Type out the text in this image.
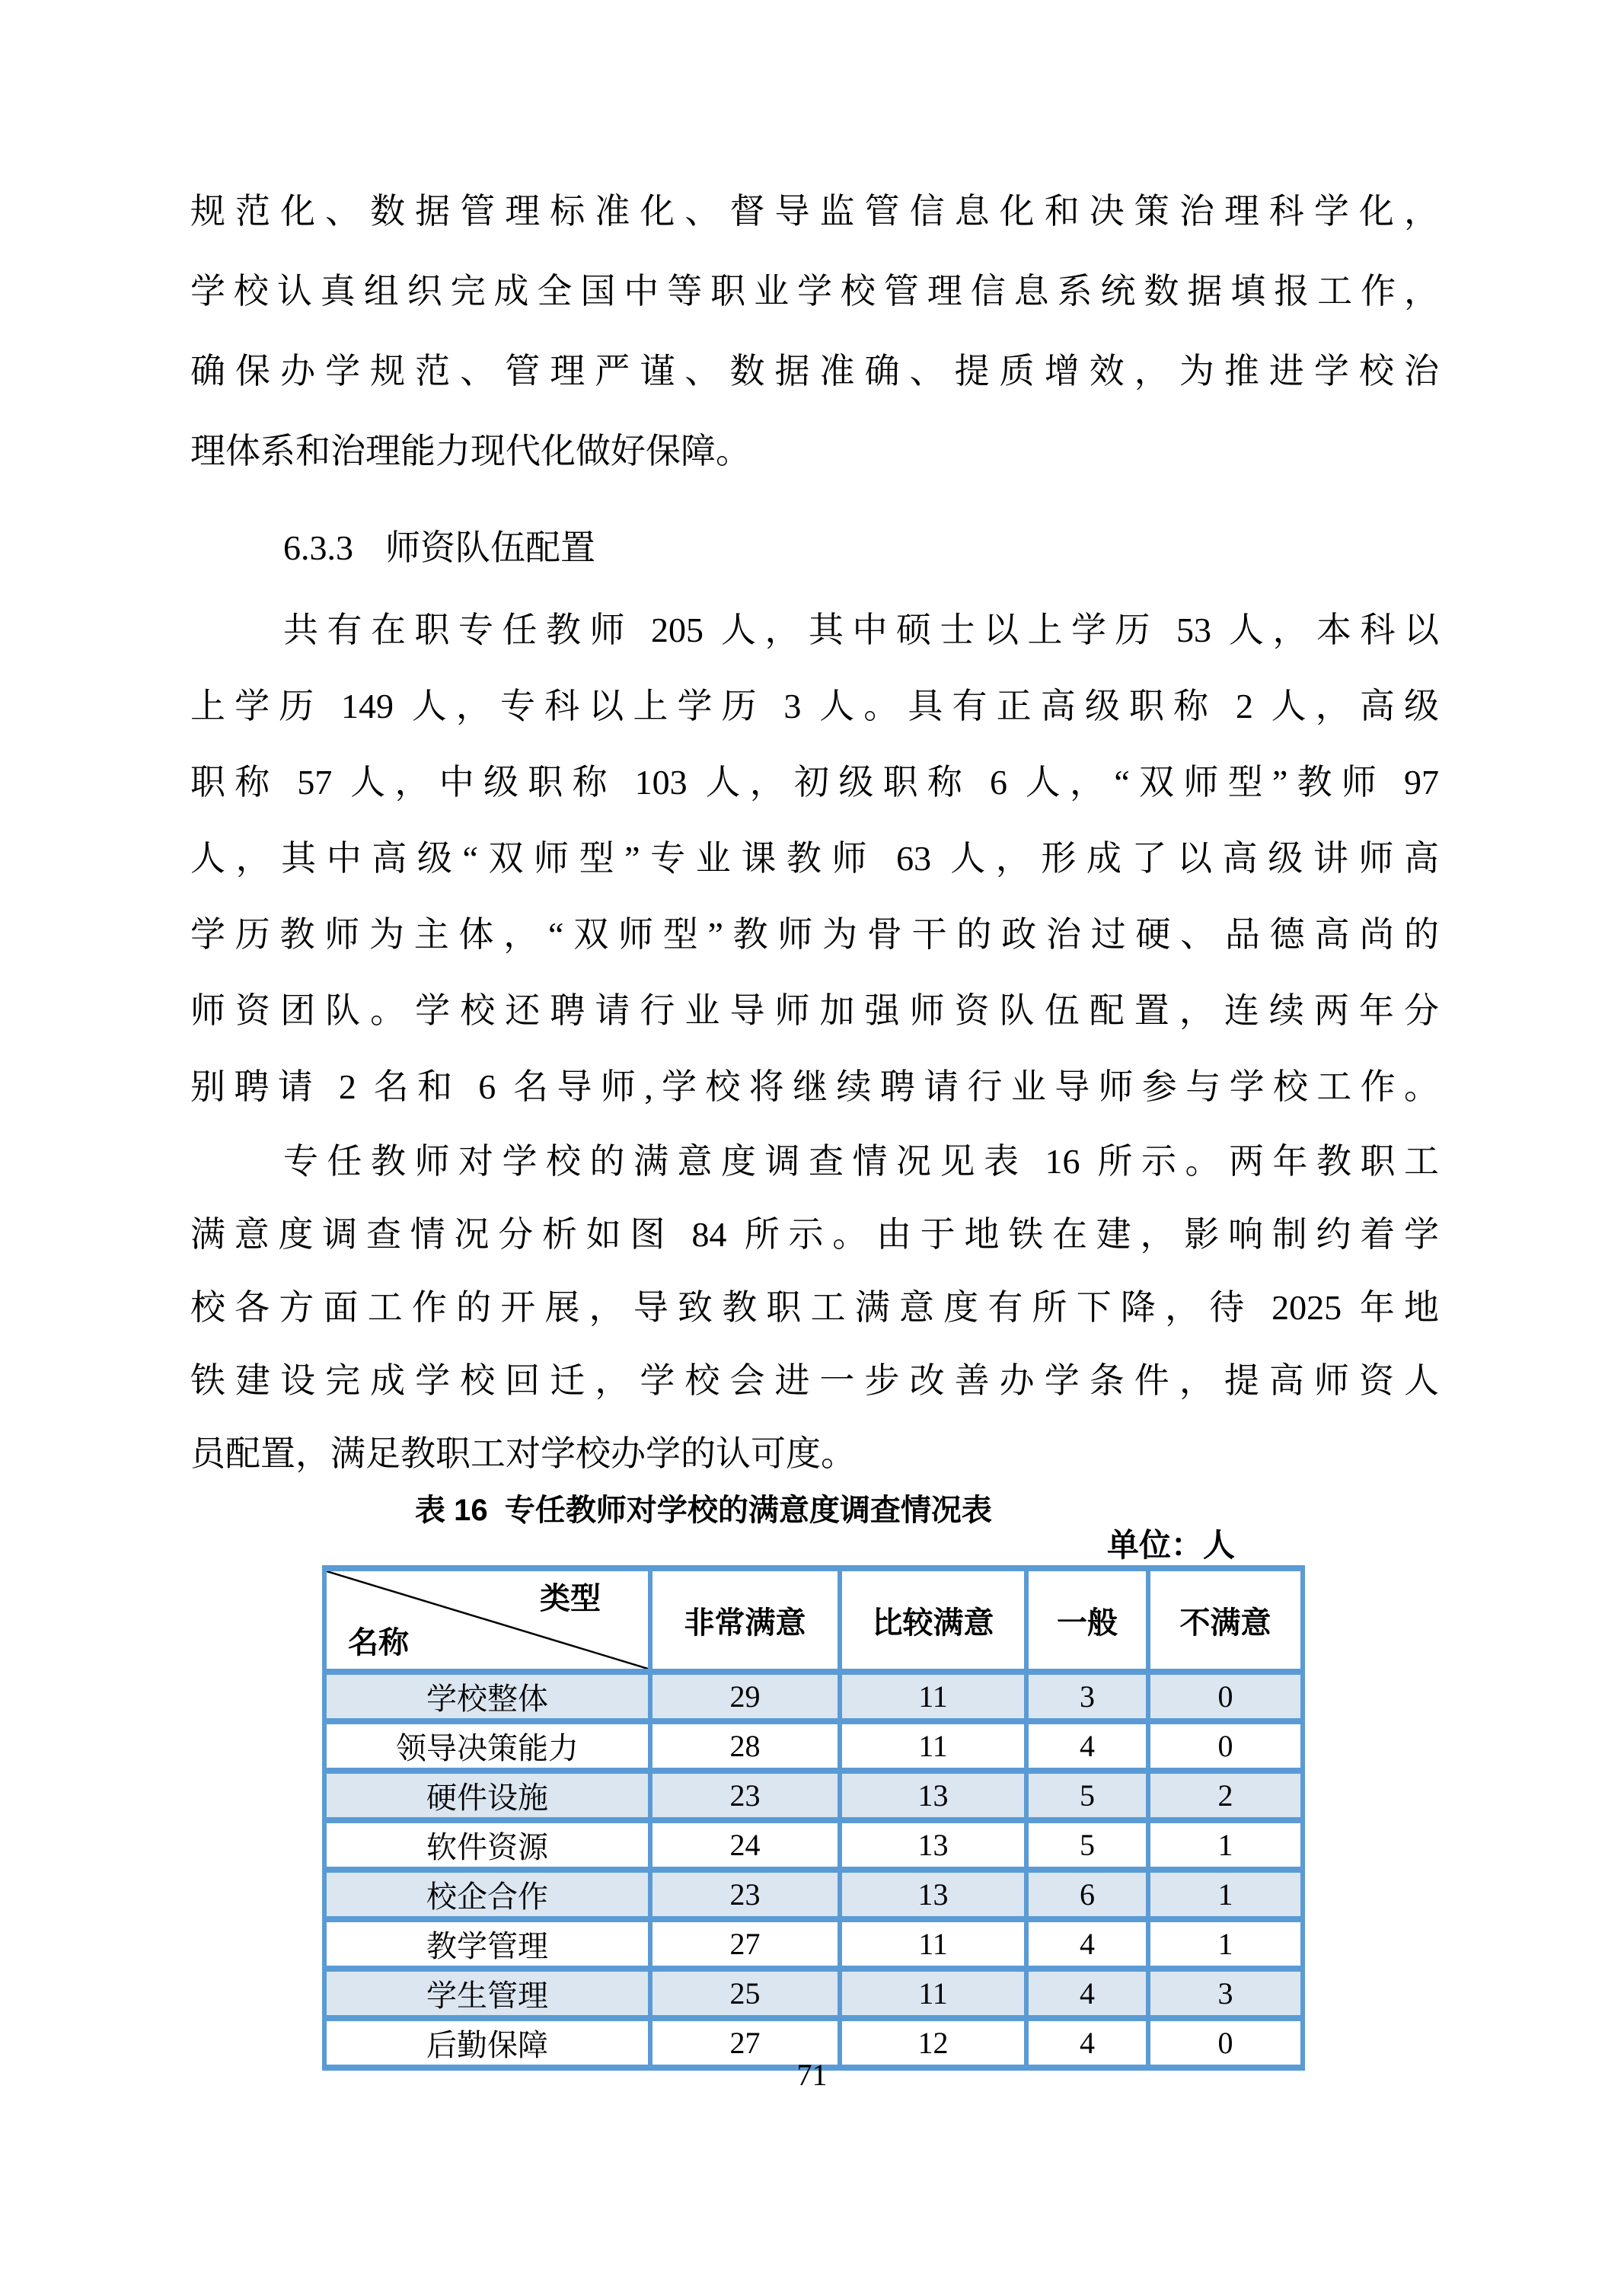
规范化、数据管理标准化、督导监管信息化和决策治理科学化，
学校认真组织完成全国中等职业学校管理信息系统数据填报工作，
确保办学规范、管理严谨、数据准确、提质增效，为推进学校治
理体系和治理能力现代化做好保障。
6.3.3 师资队伍配置
共有在职专任教师 205 人，其中硕士以上学历 53 人，本科以
上学历 149 人，专科以上学历 3 人。具有正高级职称 2 人，高级
职称 57 人，中级职称 103 人，初级职称 6 人，“双师型”教师 97
人，其中高级“双师型”专业课教师 63 人，形成了以高级讲师高
学历教师为主体，“双师型”教师为骨干的政治过硬、品德高尚的
师资团队。学校还聘请行业导师加强师资队伍配置，连续两年分
别聘请 2 名和 6 名导师,学校将继续聘请行业导师参与学校工作。
专任教师对学校的满意度调查情况见表 16 所示。两年教职工
满意度调查情况分析如图 84 所示。由于地铁在建，影响制约着学
校各方面工作的开展，导致教职工满意度有所下降，待 2025 年地
铁建设完成学校回迁，学校会进一步改善办学条件，提高师资人
员配置，满足教职工对学校办学的认可度。
表 16  专任教师对学校的满意度调查情况表
单位：人
类型
名称	非常满意	比较满意	一般	不满意
学校整体	29	11	3	0
领导决策能力	28	11	4	0
硬件设施	23	13	5	2
软件资源	24	13	5	1
校企合作	23	13	6	1
教学管理	27	11	4	1
学生管理	25	11	4	3
后勤保障	27	12	4	0
71
